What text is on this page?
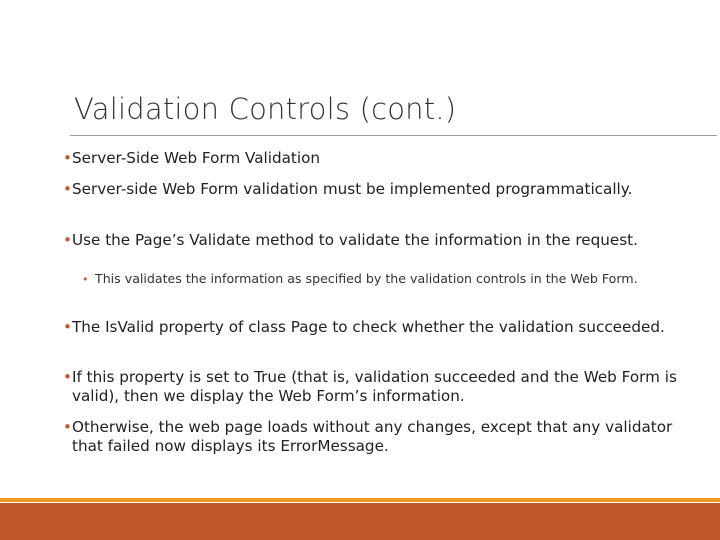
Validation Controls (cont.)
•Server-Side Web Form Validation
•Server-side Web Form validation must be implemented programmatically.
•Use the Page’s Validate method to validate the information in the request.
• This validates the information as specified by the validation controls in the Web Form.
•The IsValid property of class Page to check whether the validation succeeded.
•If this property is set to True (that is, validation succeeded and the Web Form is valid), then we display the Web Form’s information.
•Otherwise, the web page loads without any changes, except that any validator that failed now displays its ErrorMessage.
